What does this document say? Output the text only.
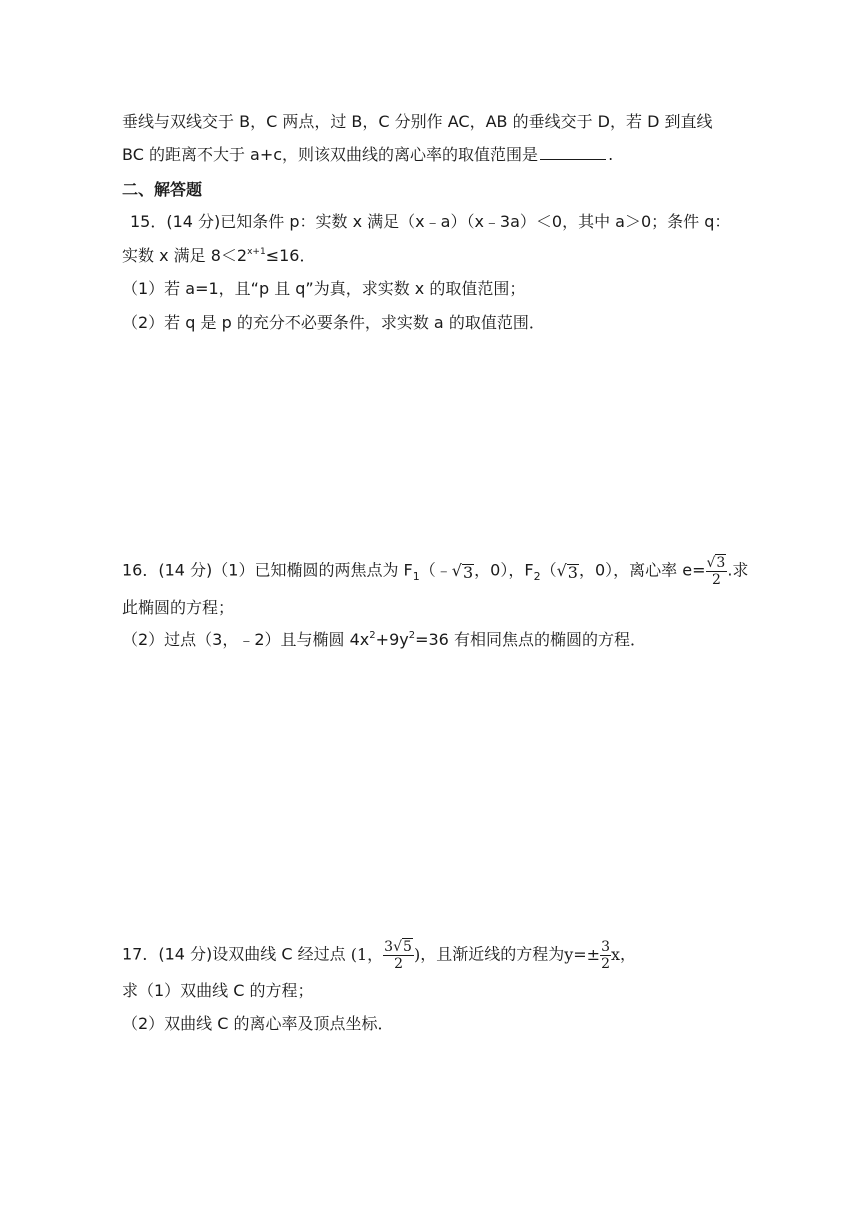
垂线与双线交于 B，C 两点，过 B，C 分别作 AC，AB 的垂线交于 D，若 D 到直线
BC 的距离不大于 a+c，则该双曲线的离心率的取值范围是	.
二、解答题
15．(14 分)已知条件 p：实数 x 满足（x﹣a）（x﹣3a）＜0，其中 a＞0；条件 q：
实数 x 满足 $8<2^{x+1}\le 16$．
（1）若 a=1，且“p 且 q”为真，求实数 x 的取值范围；
（2）若 q 是 p 的充分不必要条件，求实数 a 的取值范围．
16．(14 分)（1）已知椭圆的两焦点为 $F_1(﹣$ √ 3 ，0），$F_2$（ √ 3 ，0），离心率 $e= \frac{√ 3}{2}$ .求
此椭圆的方程；
（2）过点（3，﹣2）且与椭圆 $4x^2+9y^2=36$ 有相同焦点的椭圆的方程．
17．(14 分)设双曲线 C 经过点 (1， $\frac{3 √ 5}{2}$ )，且渐近线的方程为$y=\pm \frac{3}{2}$ x，
求（1）双曲线 C 的方程；
（2）双曲线 C 的离心率及顶点坐标．
